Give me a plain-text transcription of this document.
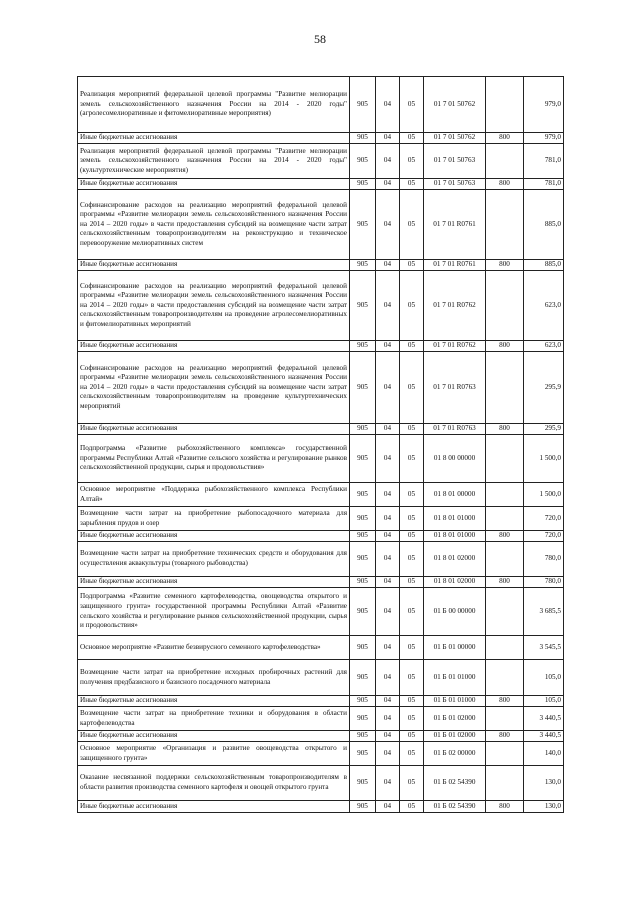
58
Реализация мероприятий федеральной целевой программы "Развитие мелиорации земель сельскохозяйственного назначения России на 2014 - 2020 годы" (агролесомелиоративные и фитомелиоративные мероприятия)	905	04	05	01 7 01 50762		979,0
Иные бюджетные ассигнования	905	04	05	01 7 01 50762	800	979,0
Реализация мероприятий федеральной целевой программы "Развитие мелиорации земель сельскохозяйственного назначения России на 2014 - 2020 годы" (культуртехнические мероприятия)	905	04	05	01 7 01 50763		781,0
Иные бюджетные ассигнования	905	04	05	01 7 01 50763	800	781,0
Софинансирование расходов на реализацию мероприятий федеральной целевой программы «Развитие мелиорации земель сельскохозяйственного назначения России на 2014 – 2020 годы» в части предоставления субсидий на возмещение части затрат сельскохозяйственным товаропроизводителям на реконструкцию и техническое перевооружение мелиоративных систем	905	04	05	01 7 01 R0761		885,0
Иные бюджетные ассигнования	905	04	05	01 7 01 R0761	800	885,0
Софинансирование расходов на реализацию мероприятий федеральной целевой программы «Развитие мелиорации земель сельскохозяйственного назначения России на 2014 – 2020 годы» в части предоставления субсидий на возмещение части затрат сельскохозяйственным товаропроизводителям на проведение агролесомелиоративных и фитомелиоративных мероприятий	905	04	05	01 7 01 R0762		623,0
Иные бюджетные ассигнования	905	04	05	01 7 01 R0762	800	623,0
Софинансирование расходов на реализацию мероприятий федеральной целевой программы «Развитие мелиорации земель сельскохозяйственного назначения России на 2014 – 2020 годы» в части предоставления субсидий на возмещение части затрат сельскохозяйственным товаропроизводителям на проведение культуртехнических мероприятий	905	04	05	01 7 01 R0763		295,9
Иные бюджетные ассигнования	905	04	05	01 7 01 R0763	800	295,9
Подпрограмма «Развитие рыбохозяйственного комплекса» государственной программы Республики Алтай «Развитие сельского хозяйства и регулирование рынков сельскохозяйственной продукции, сырья и продовольствия»	905	04	05	01 8 00 00000		1 500,0
Основное мероприятие «Поддержка рыбохозяйственного комплекса Республики Алтай»	905	04	05	01 8 01 00000		1 500,0
Возмещение части затрат на приобретение рыбопосадочного материала для зарыбления прудов и озер	905	04	05	01 8 01 01000		720,0
Иные бюджетные ассигнования	905	04	05	01 8 01 01000	800	720,0
Возмещение части затрат на приобретение технических средств и оборудования для осуществления аквакультуры (товарного рыбоводства)	905	04	05	01 8 01 02000		780,0
Иные бюджетные ассигнования	905	04	05	01 8 01 02000	800	780,0
Подпрограмма «Развитие семенного картофелеводства, овощеводства открытого и защищенного грунта» государственной программы Республики Алтай «Развитие сельского хозяйства и регулирование рынков сельскохозяйственной продукции, сырья и продовольствия»	905	04	05	01 Б 00 00000		3 685,5
Основное мероприятие «Развитие безвирусного семенного картофелеводства»	905	04	05	01 Б 01 00000		3 545,5
Возмещение части затрат на приобретение исходных пробирочных растений для получения предбазисного и базисного посадочного материала	905	04	05	01 Б 01 01000		105,0
Иные бюджетные ассигнования	905	04	05	01 Б 01 01000	800	105,0
Возмещение части затрат на приобретение техники и оборудования в области картофелеводства	905	04	05	01 Б 01 02000		3 440,5
Иные бюджетные ассигнования	905	04	05	01 Б 01 02000	800	3 440,5
Основное мероприятие «Организация и развитие овощеводства открытого и защищенного грунта»	905	04	05	01 Б 02 00000		140,0
Оказание несвязанной поддержки сельскохозяйственным товаропроизводителям в области развития производства семенного картофеля и овощей открытого грунта	905	04	05	01 Б 02 54390		130,0
Иные бюджетные ассигнования	905	04	05	01 Б 02 54390	800	130,0
